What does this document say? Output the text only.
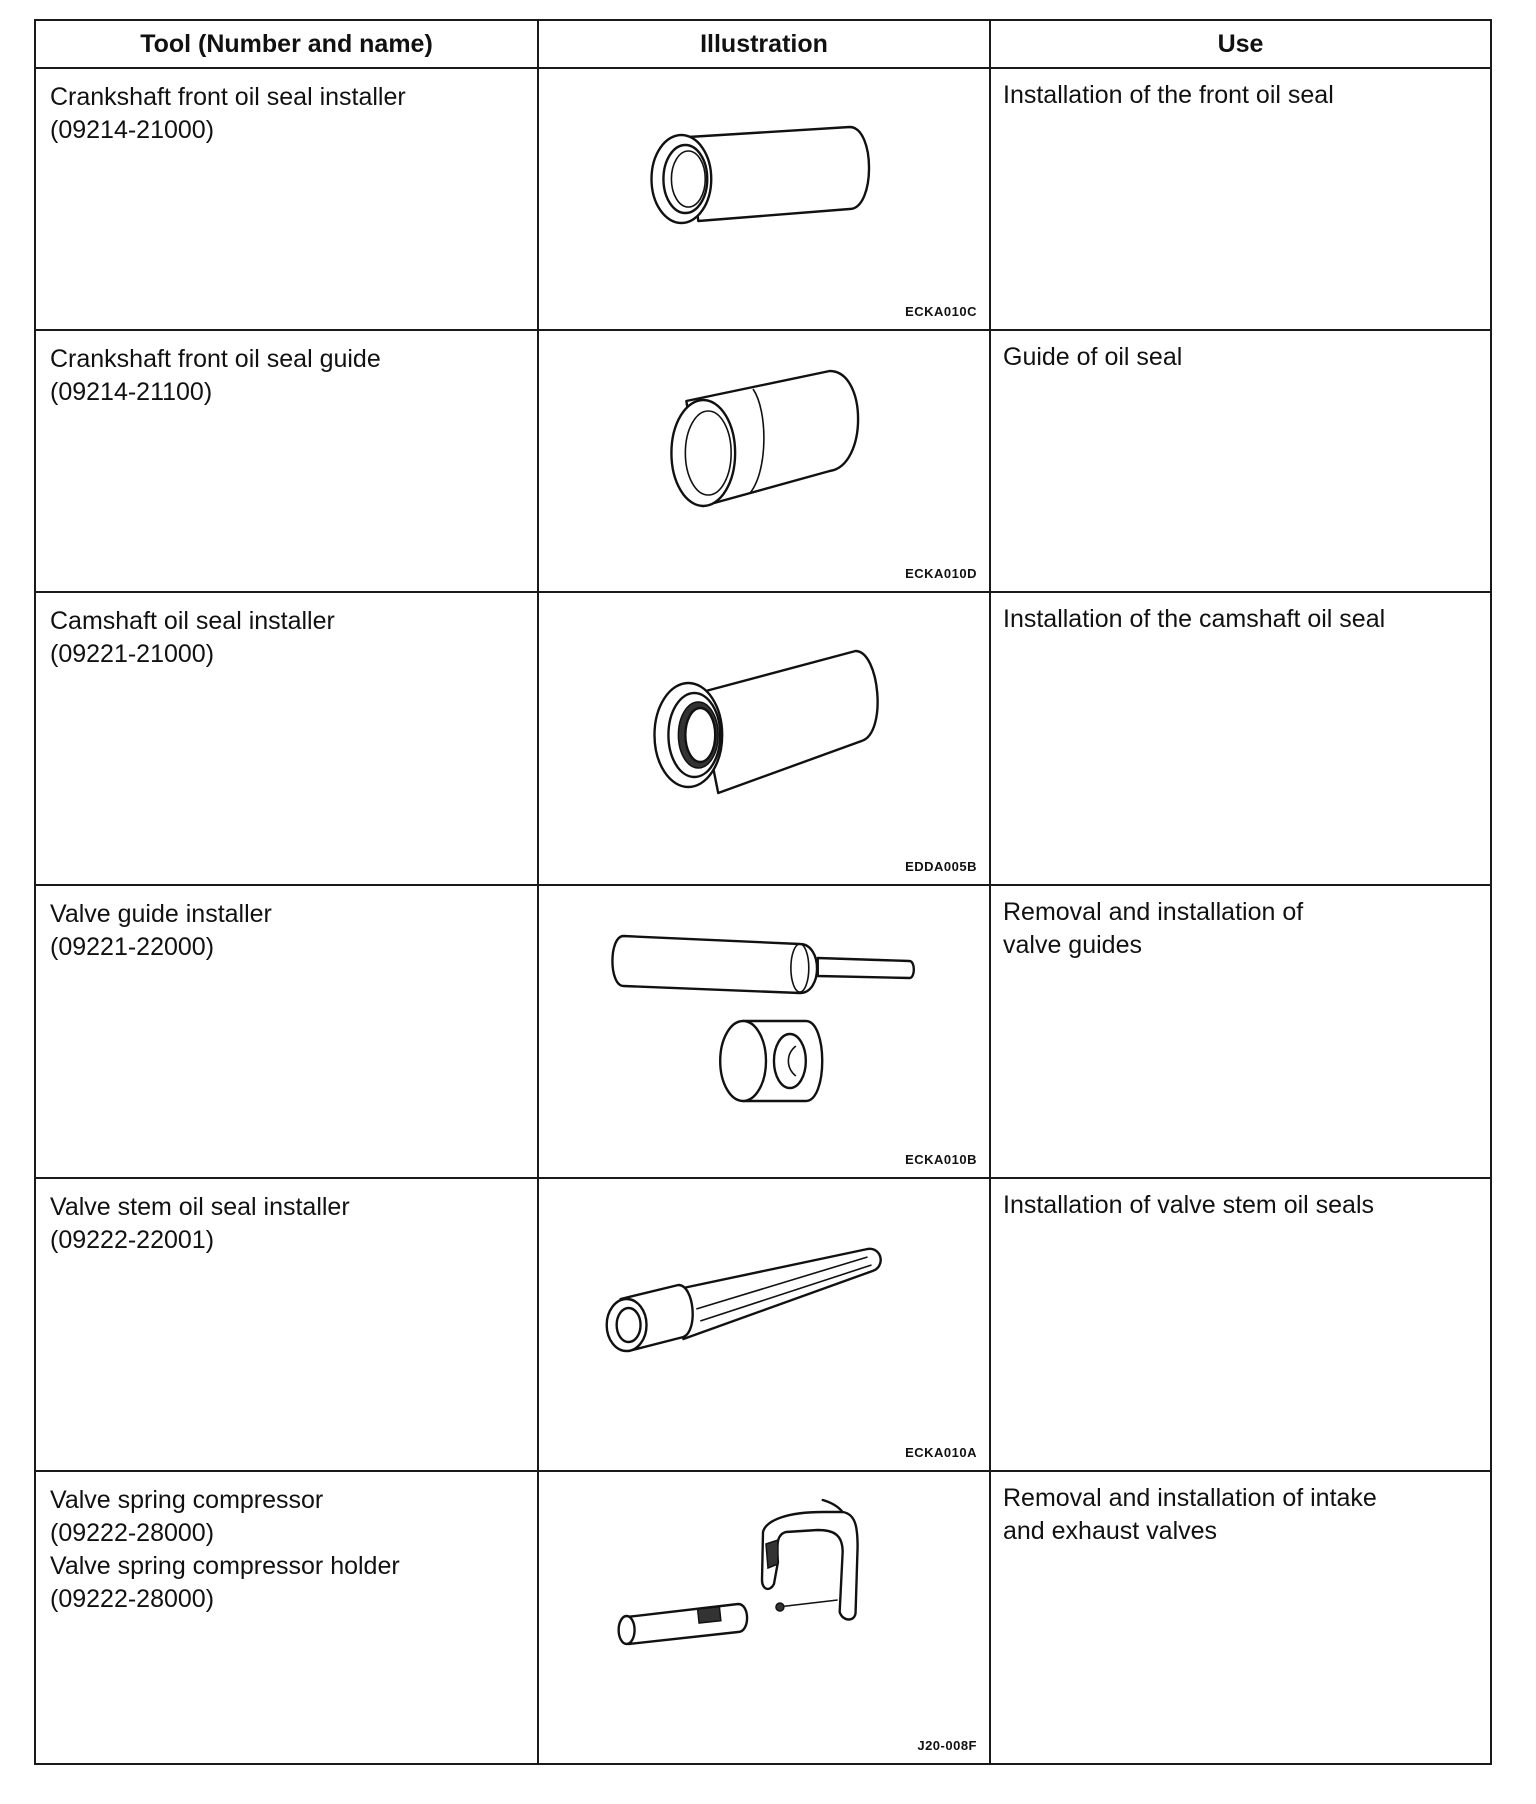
Tool (Number and name)	Illustration	Use

Crankshaft front oil seal installer
(09214-21000)	ECKA010C	Installation of the front oil seal

Crankshaft front oil seal guide
(09214-21100)	ECKA010D	Guide of oil seal

Camshaft oil seal installer
(09221-21000)	EDDA005B	Installation of the camshaft oil seal

Valve guide installer
(09221-22000)	ECKA010B	Removal and installation of
valve guides

Valve stem oil seal installer
(09222-22001)	ECKA010A	Installation of valve stem oil seals

Valve spring compressor
(09222-28000)
Valve spring compressor holder
(09222-28000)	J20-008F	Removal and installation of intake
and exhaust valves
